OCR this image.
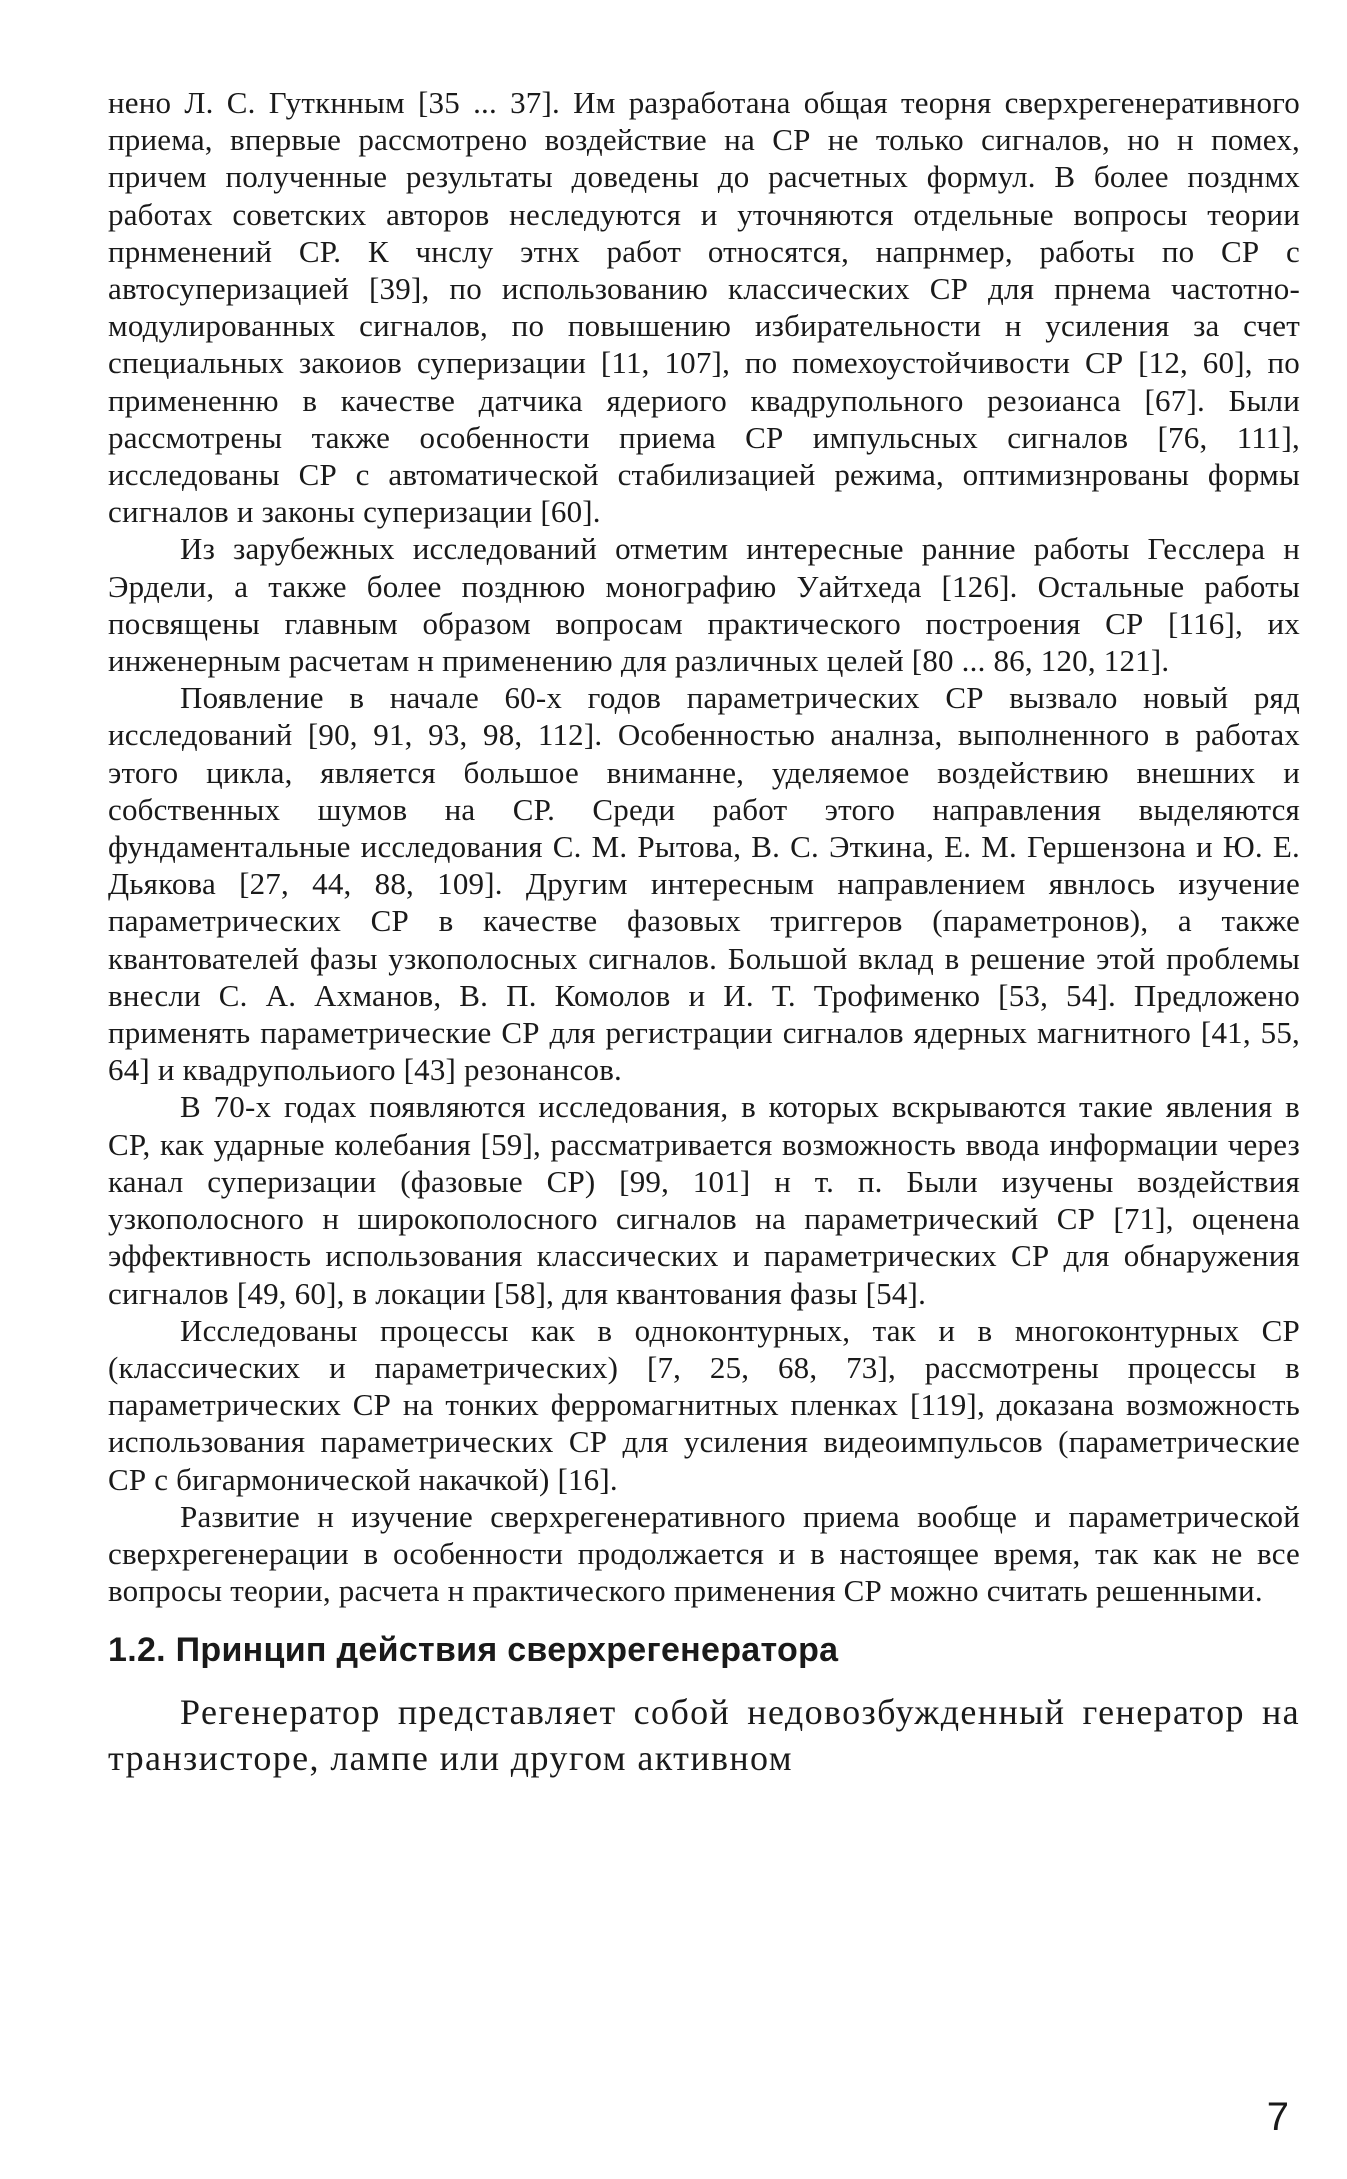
нено Л. С. Гуткнным [35 ... 37]. Им разработана общая теорня сверхрегенеративного приема, впервые рассмотрено воздействие на СР не только сигналов, но н помех, причем полученные результаты доведены до расчетных формул. В более позднмх работах советских авторов неследуются и уточняются отдельные вопросы теории прнменений СР. К чнслу этнх работ относятся, напрнмер, работы по СР с автосуперизацией [39], по использованию классических СР для прнема частотно-модулированных сигналов, по повышению избирательности н усиления за счет специальных закоиов суперизации [11, 107], по помехоустойчивости СР [12, 60], по примененню в качестве датчика ядериого квадрупольного резоианса [67]. Были рассмотрены также особенности приема СР импульсных сигналов [76, 111], исследованы СР с автоматической стабилизацией режима, оптимизнрованы формы сигналов и законы суперизации [60].

Из зарубежных исследований отметим интересные ранние работы Гесслера н Эрдели, а также более позднюю монографию Уайтхеда [126]. Остальные работы посвящены главным образом вопросам практического построения СР [116], их инженерным расчетам н применению для различных целей [80 ... 86, 120, 121].

Появление в начале 60-х годов параметрических СР вызвало новый ряд исследований [90, 91, 93, 98, 112]. Особенностью аналнза, выполненного в работах этого цикла, является большое вниманне, уделяемое воздействию внешних и собственных шумов на СР. Среди работ этого направления выделяются фундаментальные исследования С. М. Рытова, В. С. Эткина, Е. М. Гершензона и Ю. Е. Дьякова [27, 44, 88, 109]. Другим интересным направлением явнлось изучение параметрических СР в качестве фазовых триггеров (параметронов), а также квантователей фазы узкополосных сигналов. Большой вклад в решение этой проблемы внесли С. А. Ахманов, В. П. Комолов и И. Т. Трофименко [53, 54]. Предложено применять параметрические СР для регистрации сигналов ядерных магнитного [41, 55, 64] и квадрупольиого [43] резонансов.

В 70-х годах появляются исследования, в которых вскрываются такие явления в СР, как ударные колебания [59], рассматривается возможность ввода информации через канал суперизации (фазовые СР) [99, 101] н т. п. Были изучены воздействия узкополосного н широкополосного сигналов на параметрический СР [71], оценена эффективность использования классических и параметрических СР для обнаружения сигналов [49, 60], в локации [58], для квантования фазы [54].

Исследованы процессы как в одноконтурных, так и в многоконтурных СР (классических и параметрических) [7, 25, 68, 73], рассмотрены процессы в параметрических СР на тонких ферромагнитных пленках [119], доказана возможность использования параметрических СР для усиления видеоимпульсов (параметрические СР с бигармонической накачкой) [16].

Развитие н изучение сверхрегенеративного приема вообще и параметрической сверхрегенерации в особенности продолжается и в настоящее время, так как не все вопросы теории, расчета н практического применения СР можно считать решенными.

1.2. Принцип действия сверхрегенератора

Регенератор представляет собой недовозбужденный генератор на транзисторе, лампе или другом активном

7
